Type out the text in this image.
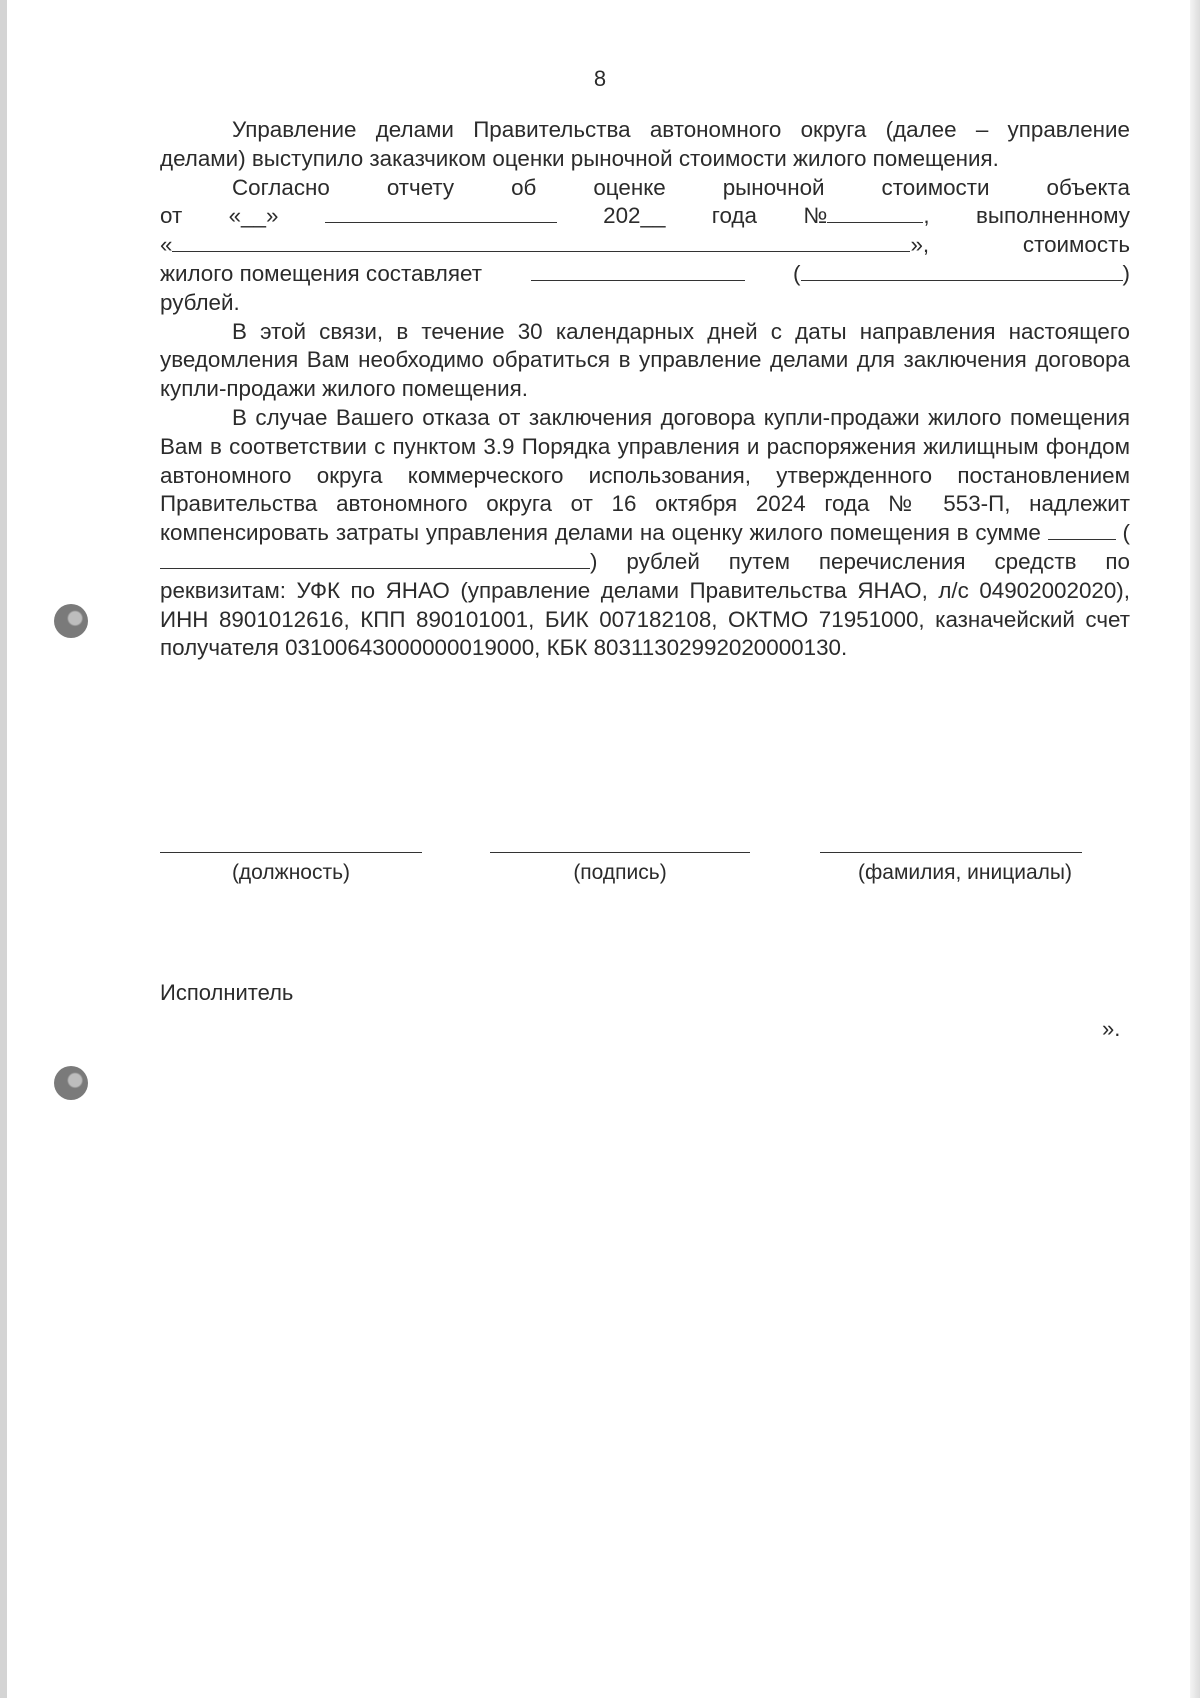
8

Управление делами Правительства автономного округа (далее – управление делами) выступило заказчиком оценки рыночной стоимости жилого помещения.

Согласно	отчету	об	оценке	рыночной	стоимости	объекта
от «__»	202__ года №	, выполненному
«	»,	стоимость
жилого помещения составляет	(	)
рублей.

В этой связи, в течение 30 календарных дней с даты направления настоящего уведомления Вам необходимо обратиться в управление делами для заключения договора купли-продажи жилого помещения.

В случае Вашего отказа от заключения договора купли-продажи жилого помещения Вам в соответствии с пунктом 3.9 Порядка управления и распоряжения жилищным фондом автономного округа коммерческого использования, утвержденного постановлением Правительства автономного округа от 16 октября 2024 года № 553-П, надлежит компенсировать затраты управления делами на оценку жилого помещения в сумме	() рублей путем перечисления средств по реквизитам: УФК по ЯНАО (управление делами Правительства ЯНАО, л/с 04902002020), ИНН 8901012616, КПП 890101001, БИК 007182108, ОКТМО 71951000, казначейский счет получателя 03100643000000019000, КБК 80311302992020000130.

(должность)	(подпись)	(фамилия, инициалы)
Исполнитель
».
